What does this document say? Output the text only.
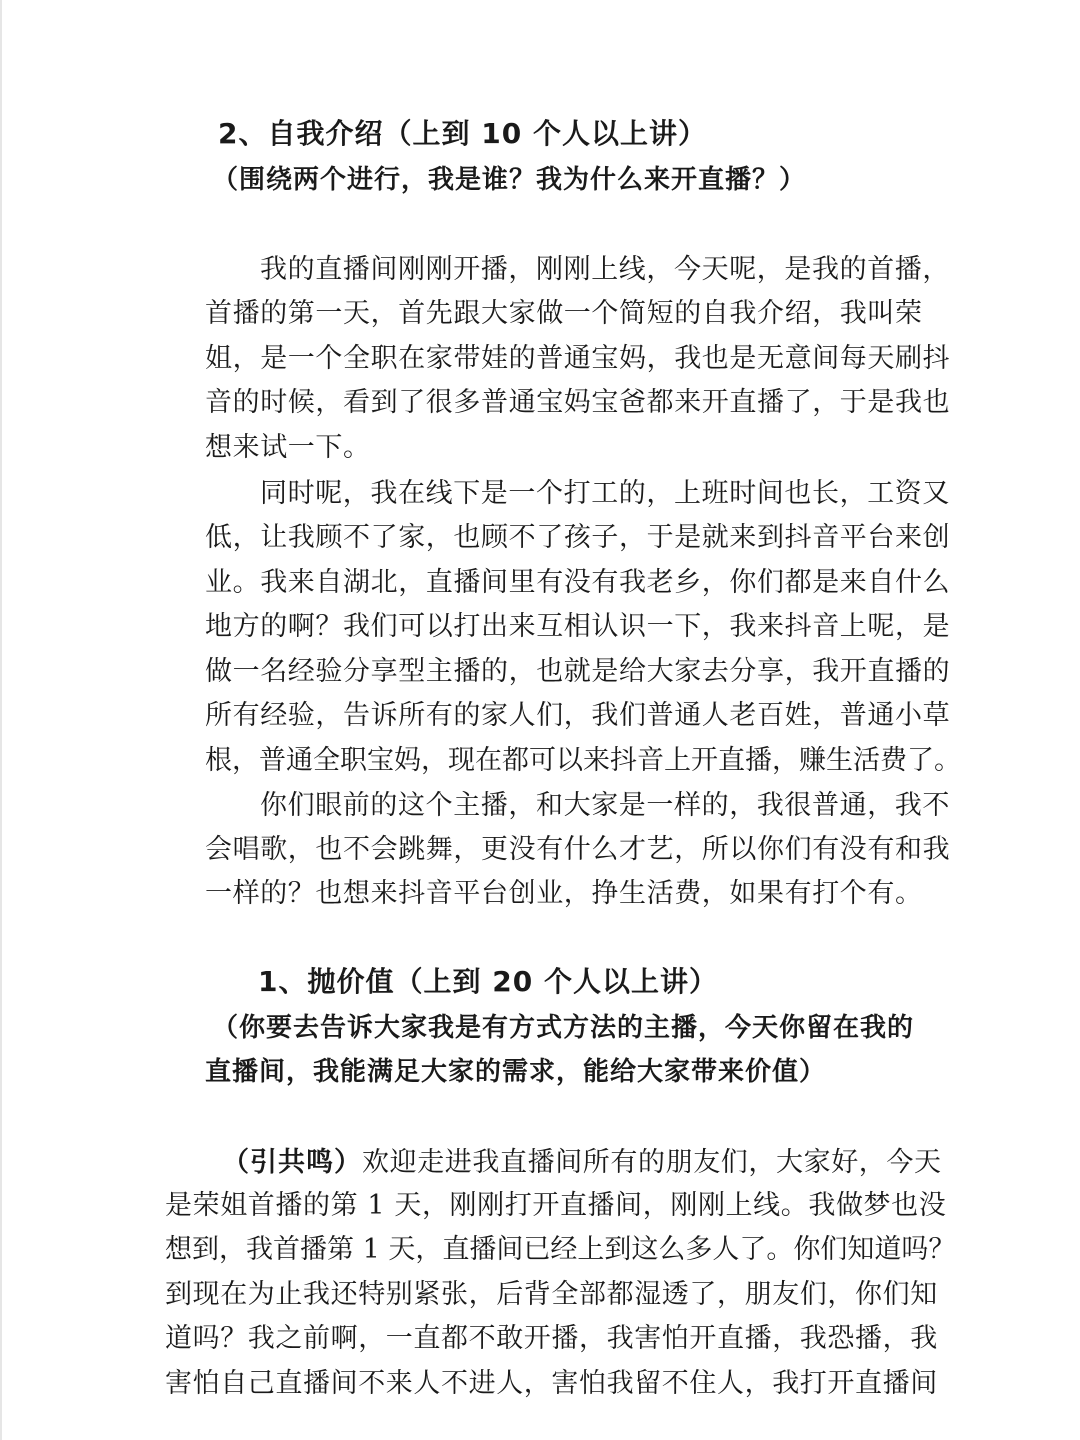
2、自我介绍（上到 10 个人以上讲）
（围绕两个进行，我是谁？我为什么来开直播？）
我的直播间刚刚开播，刚刚上线，今天呢，是我的首播，
首播的第一天，首先跟大家做一个简短的自我介绍，我叫荣
姐，是一个全职在家带娃的普通宝妈，我也是无意间每天刷抖
音的时候，看到了很多普通宝妈宝爸都来开直播了，于是我也
想来试一下。
同时呢，我在线下是一个打工的，上班时间也长，工资又
低，让我顾不了家，也顾不了孩子，于是就来到抖音平台来创
业。我来自湖北，直播间里有没有我老乡，你们都是来自什么
地方的啊？我们可以打出来互相认识一下，我来抖音上呢，是
做一名经验分享型主播的，也就是给大家去分享，我开直播的
所有经验，告诉所有的家人们，我们普通人老百姓，普通小草
根，普通全职宝妈，现在都可以来抖音上开直播，赚生活费了。
你们眼前的这个主播，和大家是一样的，我很普通，我不
会唱歌，也不会跳舞，更没有什么才艺，所以你们有没有和我
一样的？也想来抖音平台创业，挣生活费，如果有打个有。
1、抛价值（上到 20 个人以上讲）
（你要去告诉大家我是有方式方法的主播，今天你留在我的
直播间，我能满足大家的需求，能给大家带来价值）
（引共鸣）欢迎走进我直播间所有的朋友们，大家好，今天
是荣姐首播的第 1 天，刚刚打开直播间，刚刚上线。我做梦也没
想到，我首播第 1 天，直播间已经上到这么多人了。你们知道吗？
到现在为止我还特别紧张，后背全部都湿透了，朋友们，你们知
道吗？我之前啊，一直都不敢开播，我害怕开直播，我恐播，我
害怕自己直播间不来人不进人，害怕我留不住人，我打开直播间
